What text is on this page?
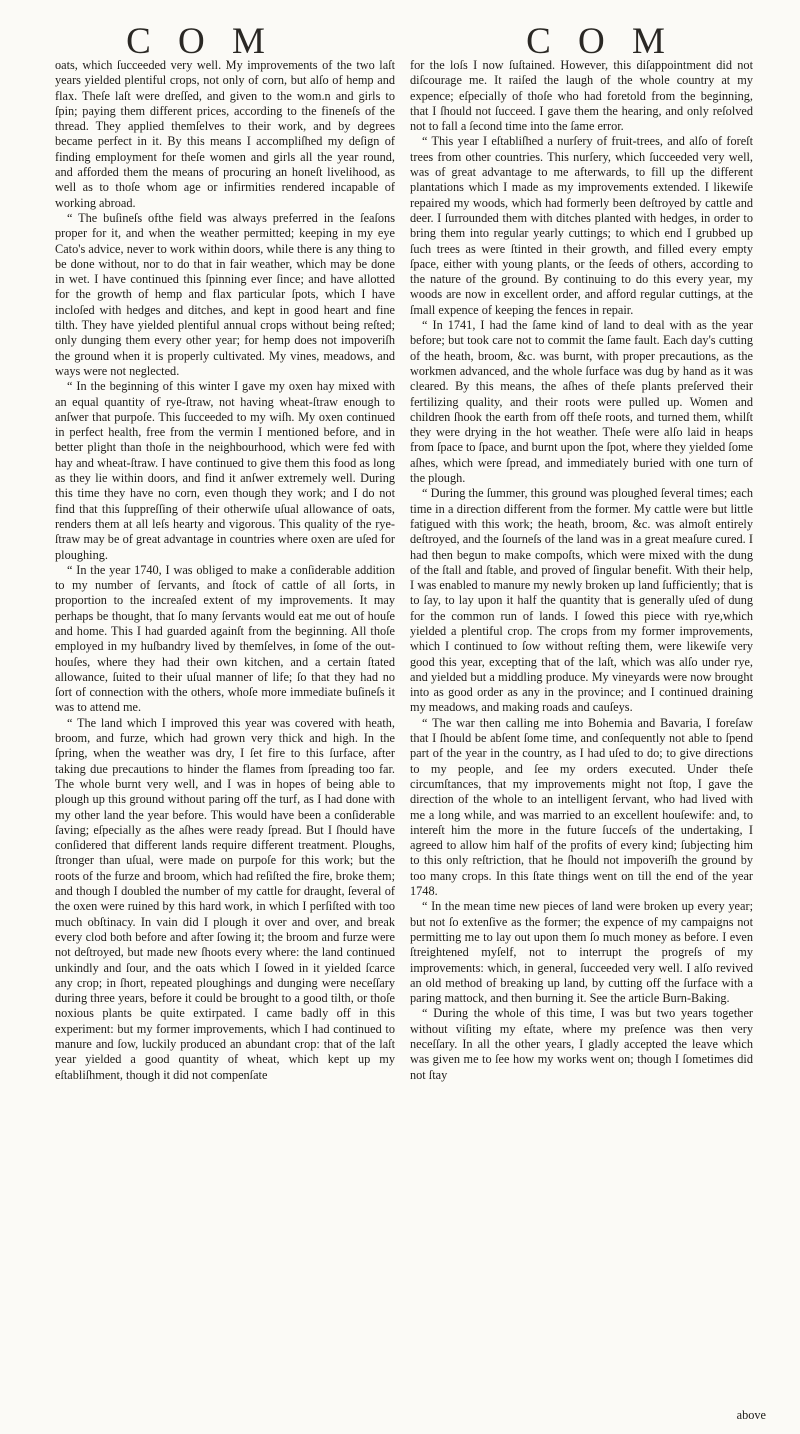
C O M	C O M

oats, which ſucceeded very well. My improvements of the two laſt years yielded plentiful crops, not only of corn, but alſo of hemp and flax. Theſe laſt were dreſſed, and given to the wom.n and girls to ſpin; paying them different prices, according to the fineneſs of the thread. They applied themſelves to their work, and by degrees became perfect in it. By this means I accompliſhed my deſign of finding employment for theſe women and girls all the year round, and afforded them the means of procuring an honeſt livelihood, as well as to thoſe whom age or infirmities rendered incapable of working abroad.

“ The buſineſs ofthe field was always preferred in the ſeaſons proper for it, and when the weather permitted; keeping in my eye Cato's advice, never to work within doors, while there is any thing to be done without, nor to do that in fair weather, which may be done in wet. I have continued this ſpinning ever ſince; and have allotted for the growth of hemp and flax particular ſpots, which I have incloſed with hedges and ditches, and kept in good heart and fine tilth. They have yielded plentiful annual crops without being reſted; only dunging them every other year; for hemp does not impoveriſh the ground when it is properly cultivated. My vines, meadows, and ways were not neglected.

“ In the beginning of this winter I gave my oxen hay mixed with an equal quantity of rye-ſtraw, not having wheat-ſtraw enough to anſwer that purpoſe. This ſucceeded to my wiſh. My oxen continued in perfect health, free from the vermin I mentioned before, and in better plight than thoſe in the neighbourhood, which were fed with hay and wheat-ſtraw. I have continued to give them this food as long as they lie within doors, and find it anſwer extremely well. During this time they have no corn, even though they work; and I do not find that this ſuppreſſing of their otherwiſe uſual allowance of oats, renders them at all leſs hearty and vigorous. This quality of the rye-ſtraw may be of great advantage in countries where oxen are uſed for ploughing.

“ In the year 1740, I was obliged to make a conſiderable addition to my number of ſervants, and ſtock of cattle of all ſorts, in proportion to the increaſed extent of my improvements. It may perhaps be thought, that ſo many ſervants would eat me out of houſe and home. This I had guarded againſt from the beginning. All thoſe employed in my huſbandry lived by themſelves, in ſome of the out-houſes, where they had their own kitchen, and a certain ſtated allowance, ſuited to their uſual manner of life; ſo that they had no ſort of connection with the others, whoſe more immediate buſineſs it was to attend me.

“ The land which I improved this year was covered with heath, broom, and furze, which had grown very thick and high. In the ſpring, when the weather was dry, I ſet fire to this ſurface, after taking due precautions to hinder the flames from ſpreading too far. The whole burnt very well, and I was in hopes of being able to plough up this ground without paring off the turf, as I had done with my other land the year before. This would have been a conſiderable ſaving; eſpecially as the aſhes were ready ſpread. But I ſhould have conſidered that different lands require different treatment. Ploughs, ſtronger than uſual, were made on purpoſe for this work; but the roots of the furze and broom, which had reſiſted the fire, broke them; and though I doubled the number of my cattle for draught, ſeveral of the oxen were ruined by this hard work, in which I perſiſted with too much obſtinacy. In vain did I plough it over and over, and break every clod both before and after ſowing it; the broom and furze were not deſtroyed, but made new ſhoots every where: the land continued unkindly and ſour, and the oats which I ſowed in it yielded ſcarce any crop; in ſhort, repeated ploughings and dunging were neceſſary during three years, before it could be brought to a good tilth, or thoſe noxious plants be quite extirpated. I came badly off in this experiment: but my former improvements, which I had continued to manure and ſow, luckily produced an abundant crop: that of the laſt year yielded a good quantity of wheat, which kept up my eſtabliſhment, though it did not compenſate

for the loſs I now ſuſtained. However, this diſappointment did not diſcourage me. It raiſed the laugh of the whole country at my expence; eſpecially of thoſe who had foretold from the beginning, that I ſhould not ſucceed. I gave them the hearing, and only reſolved not to fall a ſecond time into the ſame error.

“ This year I eſtabliſhed a nurſery of fruit-trees, and alſo of foreſt trees from other countries. This nurſery, which ſucceeded very well, was of great advantage to me afterwards, to fill up the different plantations which I made as my improvements extended. I likewiſe repaired my woods, which had formerly been deſtroyed by cattle and deer. I ſurrounded them with ditches planted with hedges, in order to bring them into regular yearly cuttings; to which end I grubbed up ſuch trees as were ſtinted in their growth, and filled every empty ſpace, either with young plants, or the ſeeds of others, according to the nature of the ground. By continuing to do this every year, my woods are now in excellent order, and afford regular cuttings, at the ſmall expence of keeping the fences in repair.

“ In 1741, I had the ſame kind of land to deal with as the year before; but took care not to commit the ſame fault. Each day's cutting of the heath, broom, &c. was burnt, with proper precautions, as the workmen advanced, and the whole ſurface was dug by hand as it was cleared. By this means, the aſhes of theſe plants preſerved their fertilizing quality, and their roots were pulled up. Women and children ſhook the earth from off theſe roots, and turned them, whilſt they were drying in the hot weather. Theſe were alſo laid in heaps from ſpace to ſpace, and burnt upon the ſpot, where they yielded ſome aſhes, which were ſpread, and immediately buried with one turn of the plough.

“ During the ſummer, this ground was ploughed ſeveral times; each time in a direction different from the former. My cattle were but little fatigued with this work; the heath, broom, &c. was almoſt entirely deſtroyed, and the ſourneſs of the land was in a great meaſure cured. I had then begun to make compoſts, which were mixed with the dung of the ſtall and ſtable, and proved of ſingular benefit. With their help, I was enabled to manure my newly broken up land ſufficiently; that is to ſay, to lay upon it half the quantity that is generally uſed of dung for the common run of lands. I ſowed this piece with rye,which yielded a plentiful crop. The crops from my former improvements, which I continued to ſow without reſting them, were likewiſe very good this year, excepting that of the laſt, which was alſo under rye, and yielded but a middling produce. My vineyards were now brought into as good order as any in the province; and I continued draining my meadows, and making roads and cauſeys.

“ The war then calling me into Bohemia and Bavaria, I foreſaw that I ſhould be abſent ſome time, and conſequently not able to ſpend part of the year in the country, as I had uſed to do; to give directions to my people, and ſee my orders executed. Under theſe circumſtances, that my improvements might not ſtop, I gave the direction of the whole to an intelligent ſervant, who had lived with me a long while, and was married to an excellent houſewife: and, to intereſt him the more in the future ſucceſs of the undertaking, I agreed to allow him half of the profits of every kind; ſubjecting him to this only reſtriction, that he ſhould not impoveriſh the ground by too many crops. In this ſtate things went on till the end of the year 1748.

“ In the mean time new pieces of land were broken up every year; but not ſo extenſive as the former; the expence of my campaigns not permitting me to lay out upon them ſo much money as before. I even ſtreightened myſelf, not to interrupt the progreſs of my improvements: which, in general, ſucceeded very well. I alſo revived an old method of breaking up land, by cutting off the ſurface with a paring mattock, and then burning it. See the article Burn-Baking.

“ During the whole of this time, I was but two years together without viſiting my eſtate, where my preſence was then very neceſſary. In all the other years, I gladly accepted the leave which was given me to ſee how my works went on; though I ſometimes did not ſtay

above
